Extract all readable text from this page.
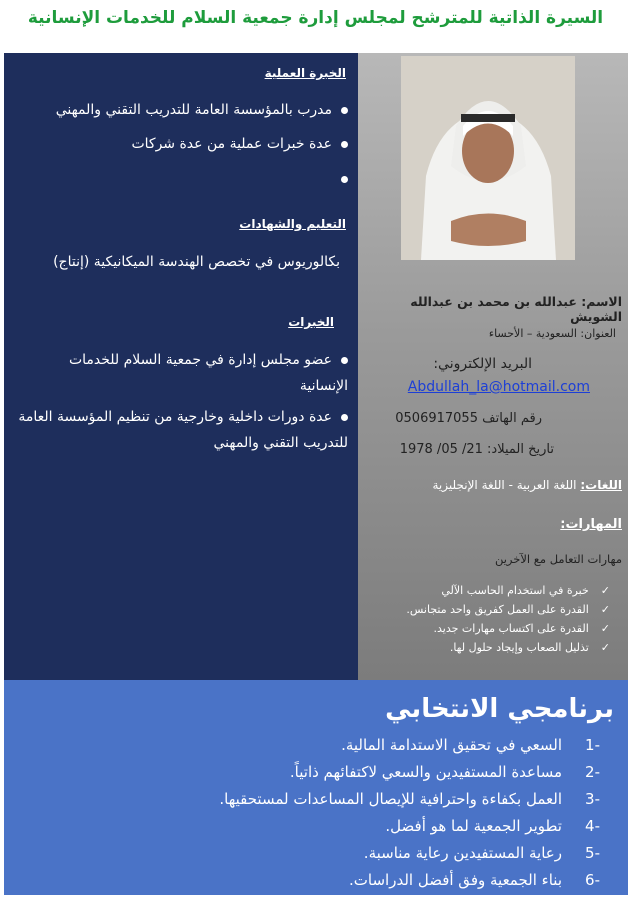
السيرة الذاتية للمترشح لمجلس إدارة جمعية السلام للخدمات الإنسانية
الخبرة العملية
مدرب بالمؤسسة العامة للتدريب التقني والمهني
عدة خبرات عملية من عدة شركات
التعليم والشهادات
بكالوريوس في تخصص الهندسة الميكانيكية (إنتاج)
الخبرات
عضو مجلس إدارة في جمعية السلام للخدمات الإنسانية
عدة دورات داخلية وخارجية من تنظيم المؤسسة العامة للتدريب التقني والمهني
الاسم: عبدالله بن محمد بن عبدالله الشويش
العنوان: السعودية – الأحساء
البريد الإلكتروني:
Abdullah_la@hotmail.com
رقم الهاتف 0506917055
تاريخ الميلاد: 21/ 05/ 1978
اللغات: اللغة العربية - اللغة الإنجليزية
المهارات:
مهارات التعامل مع الآخرين
✓خبرة في استخدام الحاسب الآلي
✓القدرة على العمل كفريق واحد متجانس.
✓القدرة على اكتساب مهارات جديد.
✓تذليل الصعاب وإيجاد حلول لها.
برنامجي الانتخابي
-1السعي في تحقيق الاستدامة المالية.
-2مساعدة المستفيدين والسعي لاكتفائهم ذاتياً.
-3العمل بكفاءة واحترافية للإيصال المساعدات لمستحقيها.
-4تطوير الجمعية لما هو أفضل.
-5رعاية المستفيدين رعاية مناسبة.
-6بناء الجمعية وفق أفضل الدراسات.
